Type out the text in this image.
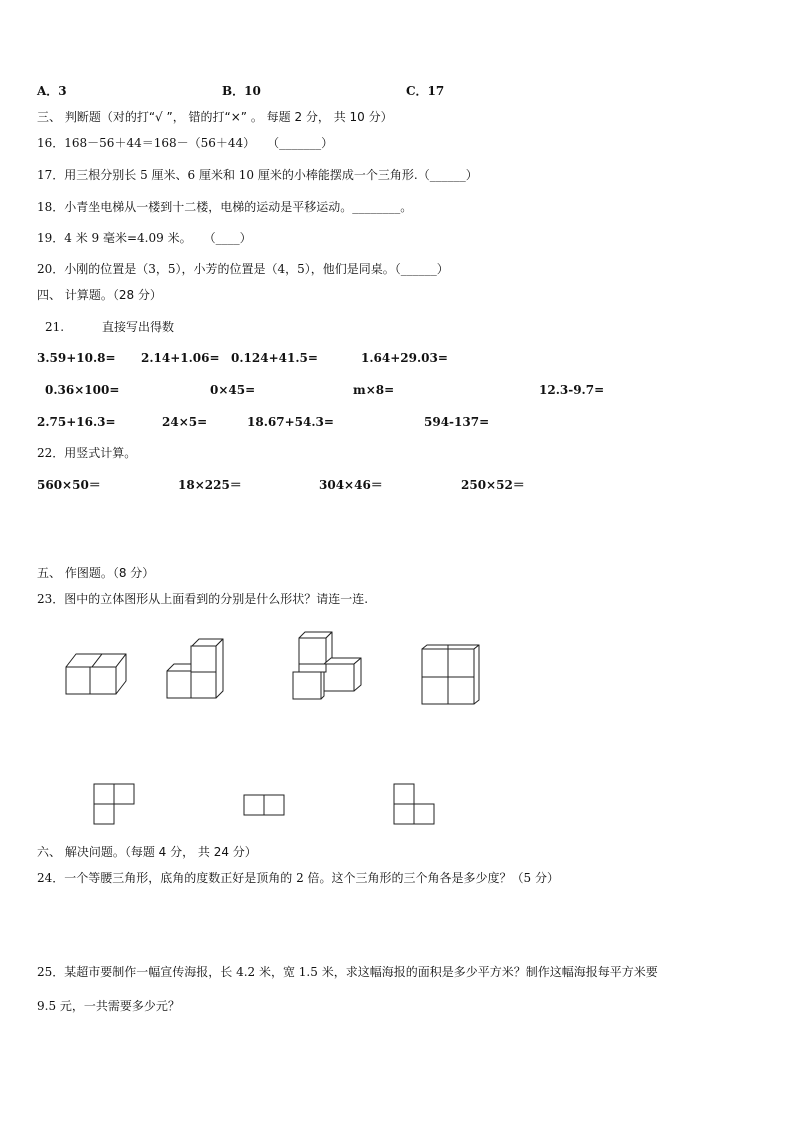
A．3	B．10	C．17
三、 判断题（对的打“√ ”， 错的打“×” 。 每题 2 分， 共 10 分）
16．168－56＋44＝168－（56＋44）　　（_______）
17．用三根分别长 5 厘米、6 厘米和 10 厘米的小棒能摆成一个三角形.（______）
18．小青坐电梯从一楼到十二楼，电梯的运动是平移运动。________。
19．4 米 9 毫米=4.09 米。　　（____）
20．小刚的位置是（3，5），小芳的位置是（4，5），他们是同桌。（______）
四、 计算题。（28 分）
21.	直接写出得数
3.59+10.8= 2.14+1.06= 0.124+41.5=	1.64+29.03=
0.36×100=	0×45=	m×8=	12.3-9.7=
2.75+16.3=	24×5=	18.67+54.3=	594-137=
22．用竖式计算。
560×50＝	18×225＝	304×46＝	250×52＝
五、 作图题。（8 分）
23．图中的立体图形从上面看到的分别是什么形状？请连一连.
六、 解决问题。（每题 4 分， 共 24 分）
24．一个等腰三角形，底角的度数正好是顶角的 2 倍。这个三角形的三个角各是多少度？（5 分）
25．某超市要制作一幅宣传海报，长 4.2 米，宽 1.5 米，求这幅海报的面积是多少平方米？制作这幅海报每平方米要
9.5 元，一共需要多少元？
